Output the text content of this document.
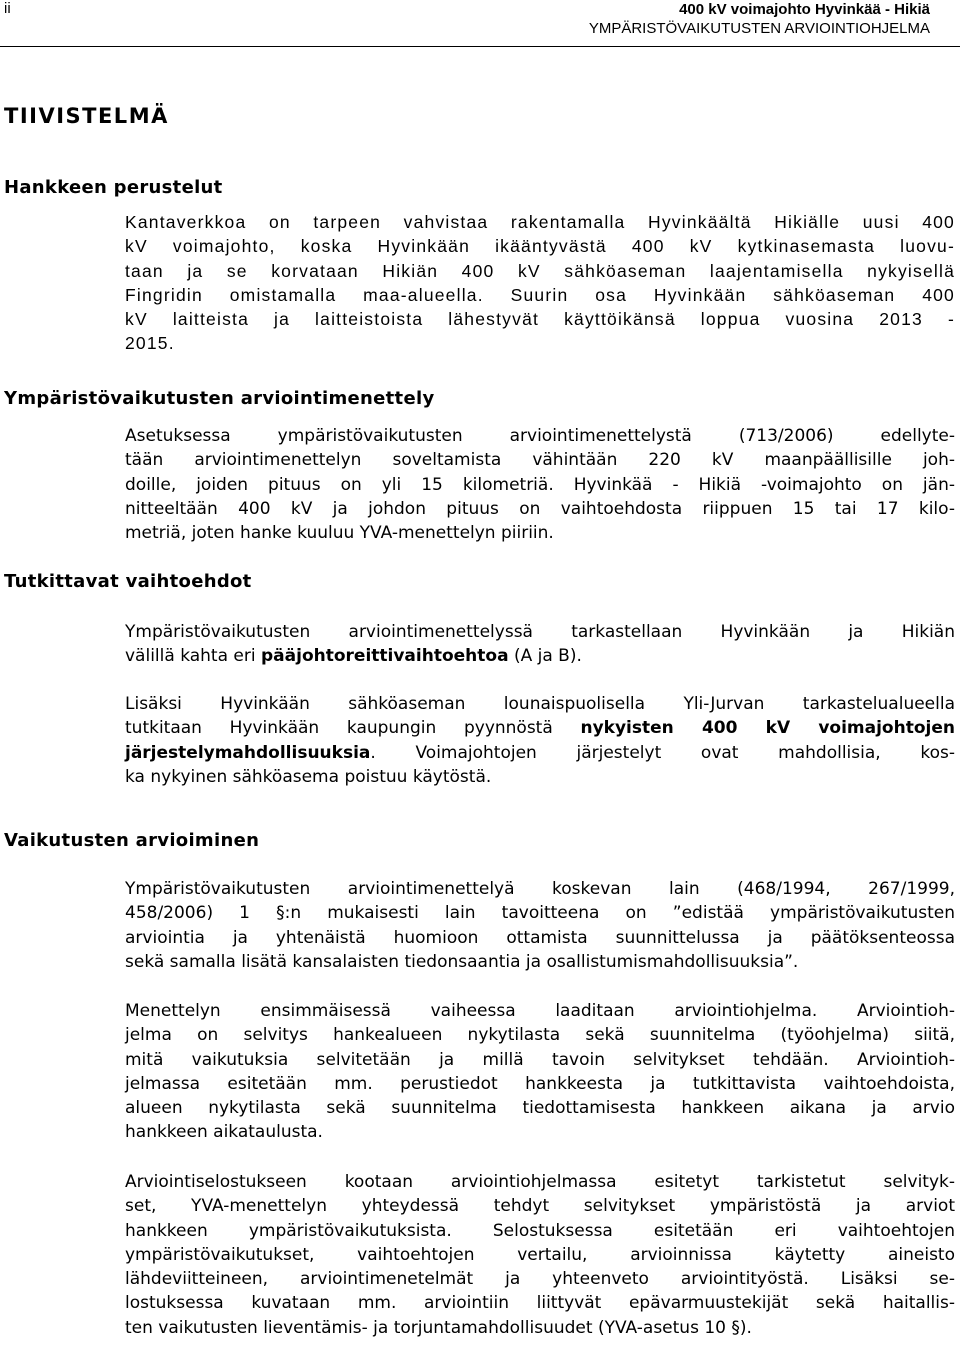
ii	400 kV voimajohto Hyvinkää - Hikiä
YMPÄRISTÖVAIKUTUSTEN ARVIOINTIOHJELMA
TIIVISTELMÄ
Hankkeen perustelut
Kantaverkkoa on tarpeen vahvistaa rakentamalla Hyvinkäältä Hikiälle uusi 400
kV voimajohto, koska Hyvinkään ikääntyvästä 400 kV kytkinasemasta luovu-
taan ja se korvataan Hikiän 400 kV sähköaseman laajentamisella nykyisellä
Fingridin omistamalla maa-alueella. Suurin osa Hyvinkään sähköaseman 400
kV laitteista ja laitteistoista lähestyvät käyttöikänsä loppua vuosina 2013 -
2015.
Ympäristövaikutusten arviointimenettely
Asetuksessa ympäristövaikutusten arviointimenettelystä (713/2006) edellyte-
tään arviointimenettelyn soveltamista vähintään 220 kV maanpäällisille joh-
doille, joiden pituus on yli 15 kilometriä. Hyvinkää - Hikiä -voimajohto on jän-
nitteeltään 400 kV ja johdon pituus on vaihtoehdosta riippuen 15 tai 17 kilo-
metriä, joten hanke kuuluu YVA-menettelyn piiriin.
Tutkittavat vaihtoehdot
Ympäristövaikutusten arviointimenettelyssä tarkastellaan Hyvinkään ja Hikiän
välillä kahta eri pääjohtoreittivaihtoehtoa (A ja B).
Lisäksi Hyvinkään sähköaseman lounaispuolisella Yli-Jurvan tarkastelualueella
tutkitaan Hyvinkään kaupungin pyynnöstä nykyisten 400 kV voimajohtojen
järjestelymahdollisuuksia. Voimajohtojen järjestelyt ovat mahdollisia, kos-
ka nykyinen sähköasema poistuu käytöstä.
Vaikutusten arvioiminen
Ympäristövaikutusten arviointimenettelyä koskevan lain (468/1994, 267/1999,
458/2006) 1 §:n mukaisesti lain tavoitteena on ”edistää ympäristövaikutusten
arviointia ja yhtenäistä huomioon ottamista suunnittelussa ja päätöksenteossa
sekä samalla lisätä kansalaisten tiedonsaantia ja osallistumismahdollisuuksia”.
Menettelyn ensimmäisessä vaiheessa laaditaan arviointiohjelma. Arviointioh-
jelma on selvitys hankealueen nykytilasta sekä suunnitelma (työohjelma) siitä,
mitä vaikutuksia selvitetään ja millä tavoin selvitykset tehdään. Arviointioh-
jelmassa esitetään mm. perustiedot hankkeesta ja tutkittavista vaihtoehdoista,
alueen nykytilasta sekä suunnitelma tiedottamisesta hankkeen aikana ja arvio
hankkeen aikataulusta.
Arviointiselostukseen kootaan arviointiohjelmassa esitetyt tarkistetut selvityk-
set, YVA-menettelyn yhteydessä tehdyt selvitykset ympäristöstä ja arviot
hankkeen ympäristövaikutuksista. Selostuksessa esitetään eri vaihtoehtojen
ympäristövaikutukset, vaihtoehtojen vertailu, arvioinnissa käytetty aineisto
lähdeviitteineen, arviointimenetelmät ja yhteenveto arviointityöstä. Lisäksi se-
lostuksessa kuvataan mm. arviointiin liittyvät epävarmuustekijät sekä haitallis-
ten vaikutusten lieventämis- ja torjuntamahdollisuudet (YVA-asetus 10 §).
